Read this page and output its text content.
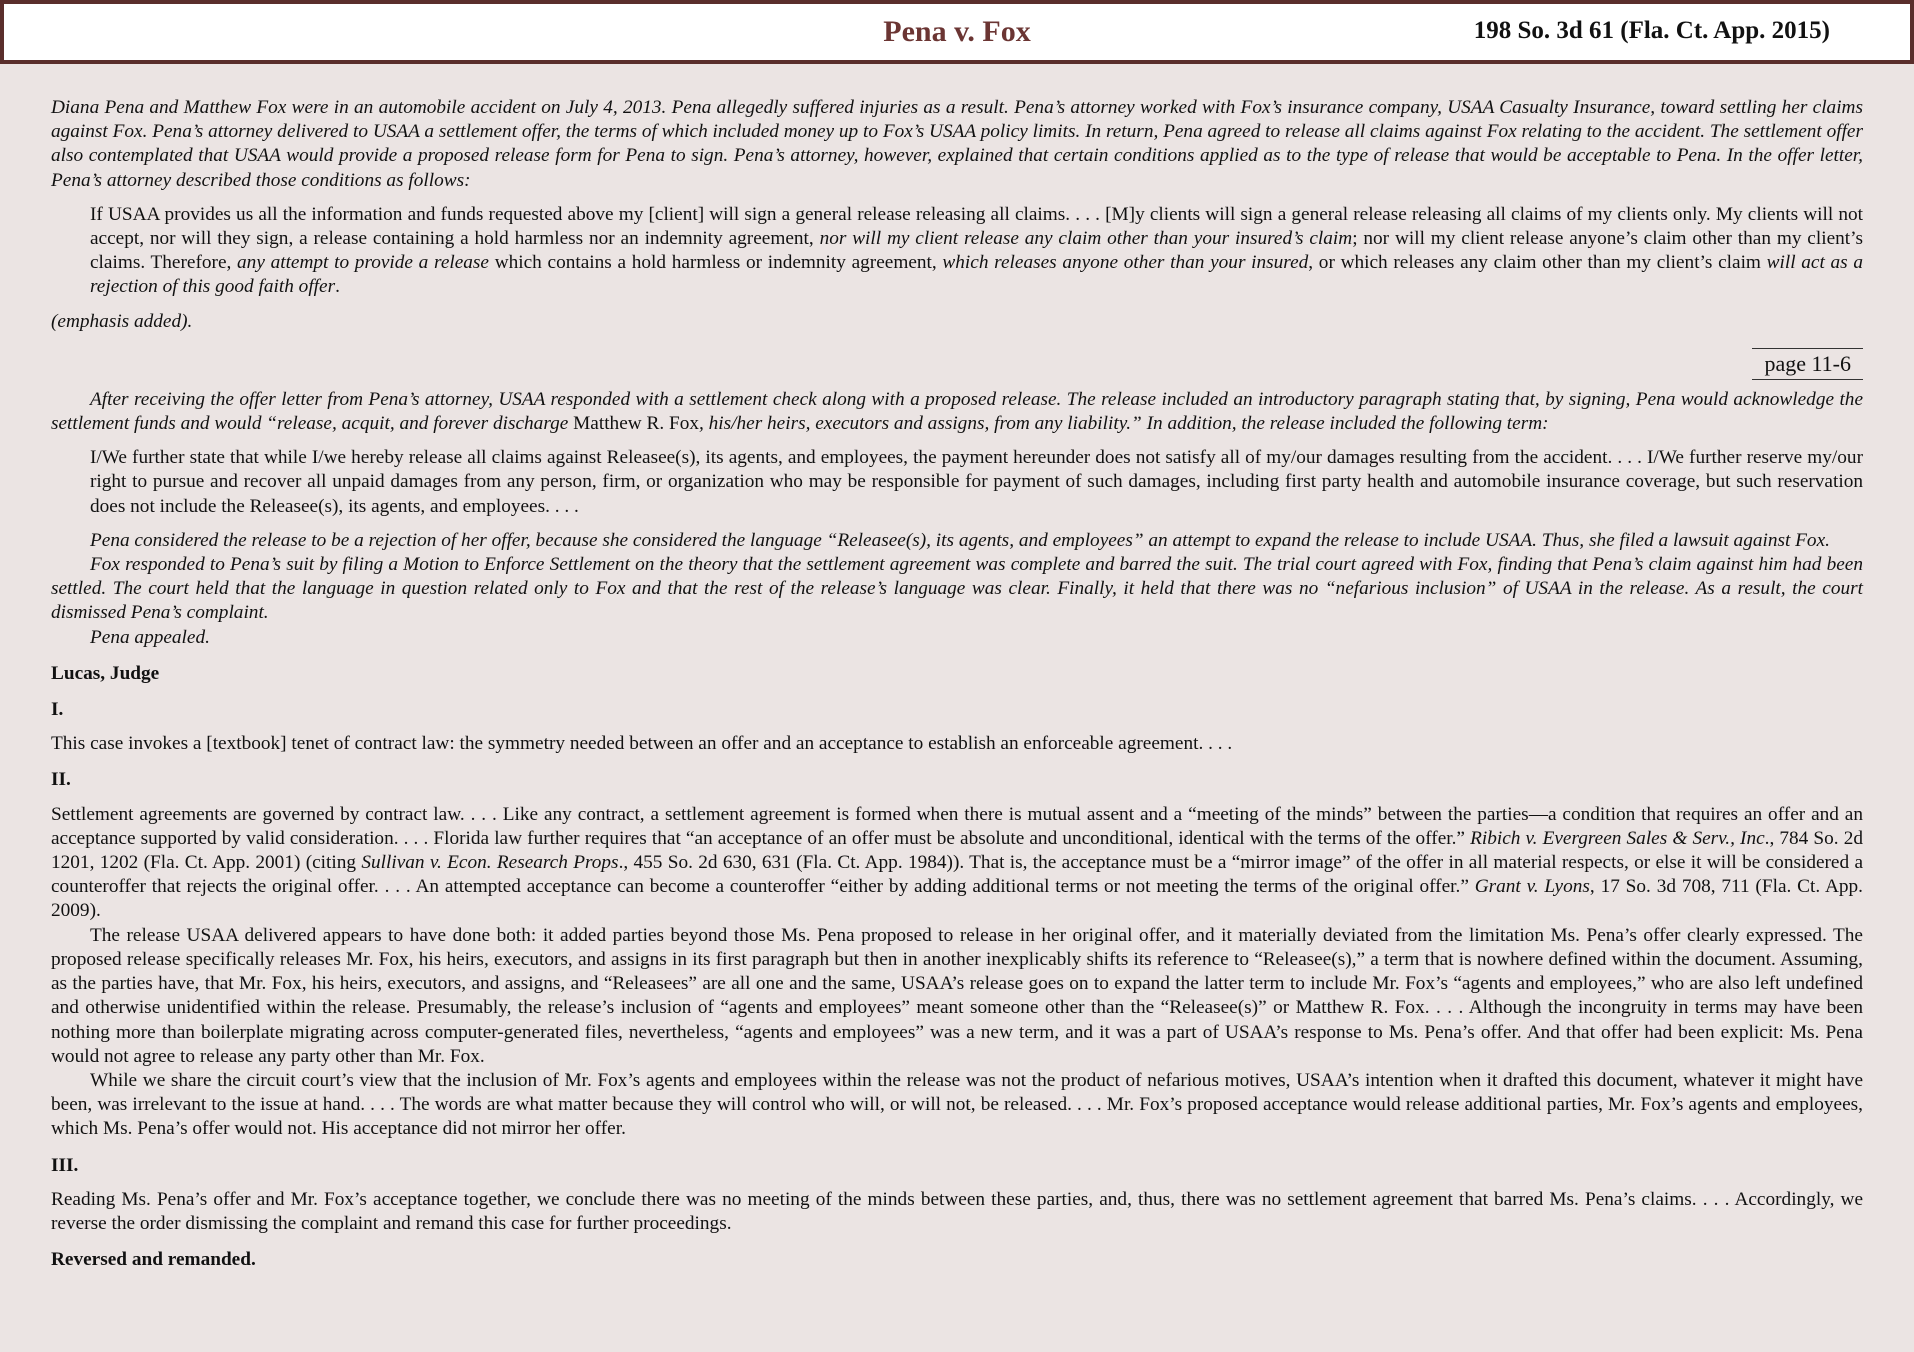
Pena v. Fox	198 So. 3d 61 (Fla. Ct. App. 2015)

Diana Pena and Matthew Fox were in an automobile accident on July 4, 2013. Pena allegedly suffered injuries as a result. Pena’s attorney worked with Fox’s insurance company, USAA Casualty Insurance, toward settling her claims against Fox. Pena’s attorney delivered to USAA a settlement offer, the terms of which included money up to Fox’s USAA policy limits. In return, Pena agreed to release all claims against Fox relating to the accident. The settlement offer also contemplated that USAA would provide a proposed release form for Pena to sign. Pena’s attorney, however, explained that certain conditions applied as to the type of release that would be acceptable to Pena. In the offer letter, Pena’s attorney described those conditions as follows:

If USAA provides us all the information and funds requested above my [client] will sign a general release releasing all claims. . . . [M]y clients will sign a general release releasing all claims of my clients only. My clients will not accept, nor will they sign, a release containing a hold harmless nor an indemnity agreement, nor will my client release any claim other than your insured’s claim; nor will my client release anyone’s claim other than my client’s claims. Therefore, any attempt to provide a release which contains a hold harmless or indemnity agreement, which releases anyone other than your insured, or which releases any claim other than my client’s claim will act as a rejection of this good faith offer.

(emphasis added).

page 11-6

After receiving the offer letter from Pena’s attorney, USAA responded with a settlement check along with a proposed release. The release included an introductory paragraph stating that, by signing, Pena would acknowledge the settlement funds and would “release, acquit, and forever discharge Matthew R. Fox, his/her heirs, executors and assigns, from any liability.” In addition, the release included the following term:

I/We further state that while I/we hereby release all claims against Releasee(s), its agents, and employees, the payment hereunder does not satisfy all of my/our damages resulting from the accident. . . . I/We further reserve my/our right to pursue and recover all unpaid damages from any person, firm, or organization who may be responsible for payment of such damages, including first party health and automobile insurance coverage, but such reservation does not include the Releasee(s), its agents, and employees. . . .

Pena considered the release to be a rejection of her offer, because she considered the language “Releasee(s), its agents, and employees” an attempt to expand the release to include USAA. Thus, she filed a lawsuit against Fox.

Fox responded to Pena’s suit by filing a Motion to Enforce Settlement on the theory that the settlement agreement was complete and barred the suit. The trial court agreed with Fox, finding that Pena’s claim against him had been settled. The court held that the language in question related only to Fox and that the rest of the release’s language was clear. Finally, it held that there was no “nefarious inclusion” of USAA in the release. As a result, the court dismissed Pena’s complaint.

Pena appealed.

Lucas, Judge

I.

This case invokes a [textbook] tenet of contract law: the symmetry needed between an offer and an acceptance to establish an enforceable agreement. . . .

II.

Settlement agreements are governed by contract law. . . . Like any contract, a settlement agreement is formed when there is mutual assent and a “meeting of the minds” between the parties—a condition that requires an offer and an acceptance supported by valid consideration. . . . Florida law further requires that “an acceptance of an offer must be absolute and unconditional, identical with the terms of the offer.” Ribich v. Evergreen Sales & Serv., Inc., 784 So. 2d 1201, 1202 (Fla. Ct. App. 2001) (citing Sullivan v. Econ. Research Props., 455 So. 2d 630, 631 (Fla. Ct. App. 1984)). That is, the acceptance must be a “mirror image” of the offer in all material respects, or else it will be considered a counteroffer that rejects the original offer. . . . An attempted acceptance can become a counteroffer “either by adding additional terms or not meeting the terms of the original offer.” Grant v. Lyons, 17 So. 3d 708, 711 (Fla. Ct. App. 2009).

The release USAA delivered appears to have done both: it added parties beyond those Ms. Pena proposed to release in her original offer, and it materially deviated from the limitation Ms. Pena’s offer clearly expressed. The proposed release specifically releases Mr. Fox, his heirs, executors, and assigns in its first paragraph but then in another inexplicably shifts its reference to “Releasee(s),” a term that is nowhere defined within the document. Assuming, as the parties have, that Mr. Fox, his heirs, executors, and assigns, and “Releasees” are all one and the same, USAA’s release goes on to expand the latter term to include Mr. Fox’s “agents and employees,” who are also left undefined and otherwise unidentified within the release. Presumably, the release’s inclusion of “agents and employees” meant someone other than the “Releasee(s)” or Matthew R. Fox. . . . Although the incongruity in terms may have been nothing more than boilerplate migrating across computer-generated files, nevertheless, “agents and employees” was a new term, and it was a part of USAA’s response to Ms. Pena’s offer. And that offer had been explicit: Ms. Pena would not agree to release any party other than Mr. Fox.

While we share the circuit court’s view that the inclusion of Mr. Fox’s agents and employees within the release was not the product of nefarious motives, USAA’s intention when it drafted this document, whatever it might have been, was irrelevant to the issue at hand. . . . The words are what matter because they will control who will, or will not, be released. . . . Mr. Fox’s proposed acceptance would release additional parties, Mr. Fox’s agents and employees, which Ms. Pena’s offer would not. His acceptance did not mirror her offer.

III.

Reading Ms. Pena’s offer and Mr. Fox’s acceptance together, we conclude there was no meeting of the minds between these parties, and, thus, there was no settlement agreement that barred Ms. Pena’s claims. . . . Accordingly, we reverse the order dismissing the complaint and remand this case for further proceedings.

Reversed and remanded.
